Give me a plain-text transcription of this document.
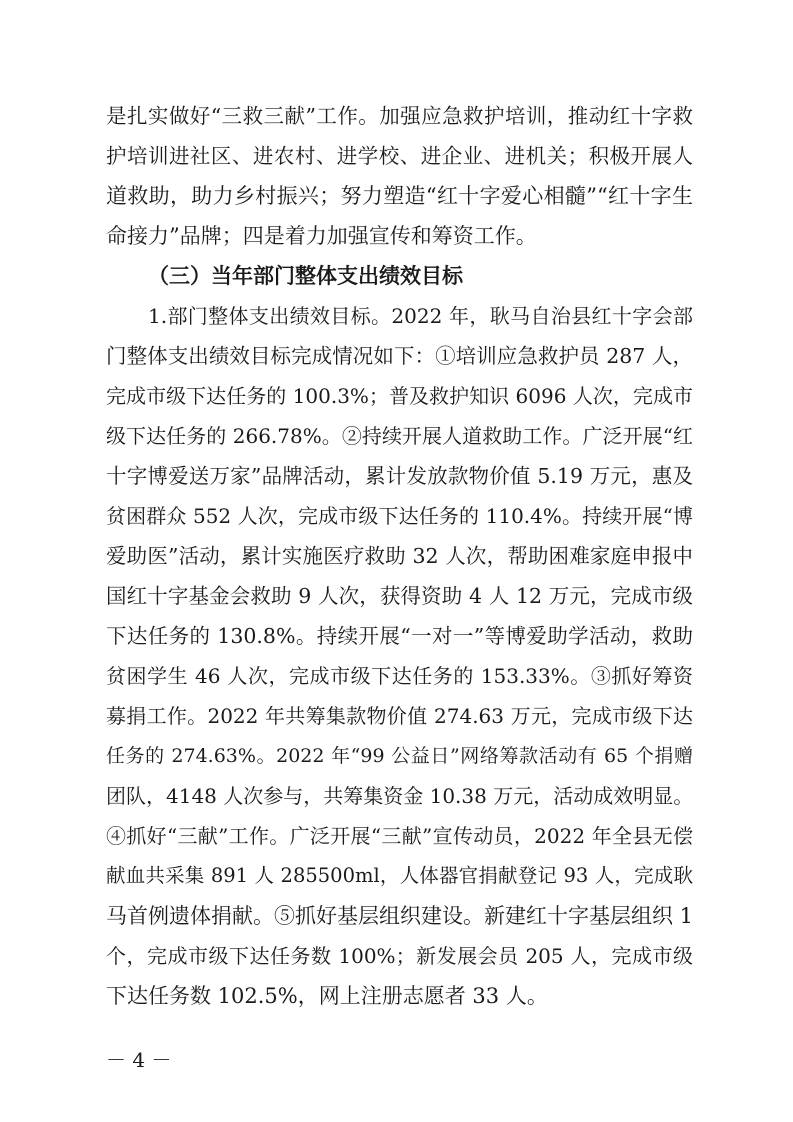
是扎实做好“三救三献”工作。加强应急救护培训，推动红十字救

护培训进社区、进农村、进学校、进企业、进机关；积极开展人

道救助，助力乡村振兴；努力塑造“红十字爱心相髓”“红十字生

命接力”品牌；四是着力加强宣传和筹资工作。

（三）当年部门整体支出绩效目标

1.部门整体支出绩效目标。2022 年，耿马自治县红十字会部

门整体支出绩效目标完成情况如下：①培训应急救护员 287 人，

完成市级下达任务的 100.3%；普及救护知识 6096 人次，完成市

级下达任务的 266.78%。②持续开展人道救助工作。广泛开展“红

十字博爱送万家”品牌活动，累计发放款物价值 5.19 万元，惠及

贫困群众 552 人次，完成市级下达任务的 110.4%。持续开展“博

爱助医”活动，累计实施医疗救助 32 人次，帮助困难家庭申报中

国红十字基金会救助 9 人次，获得资助 4 人 12 万元，完成市级

下达任务的 130.8%。持续开展“一对一”等博爱助学活动，救助

贫困学生 46 人次，完成市级下达任务的 153.33%。③抓好筹资

募捐工作。2022 年共筹集款物价值 274.63 万元，完成市级下达

任务的 274.63%。2022 年“99 公益日”网络筹款活动有 65 个捐赠

团队，4148 人次参与，共筹集资金 10.38 万元，活动成效明显。

④抓好“三献”工作。广泛开展“三献”宣传动员，2022 年全县无偿

献血共采集 891 人 285500ml，人体器官捐献登记 93 人，完成耿

马首例遗体捐献。⑤抓好基层组织建设。新建红十字基层组织 1

个，完成市级下达任务数 100%；新发展会员 205 人，完成市级

下达任务数 102.5%，网上注册志愿者 33 人。

－ 4 －
